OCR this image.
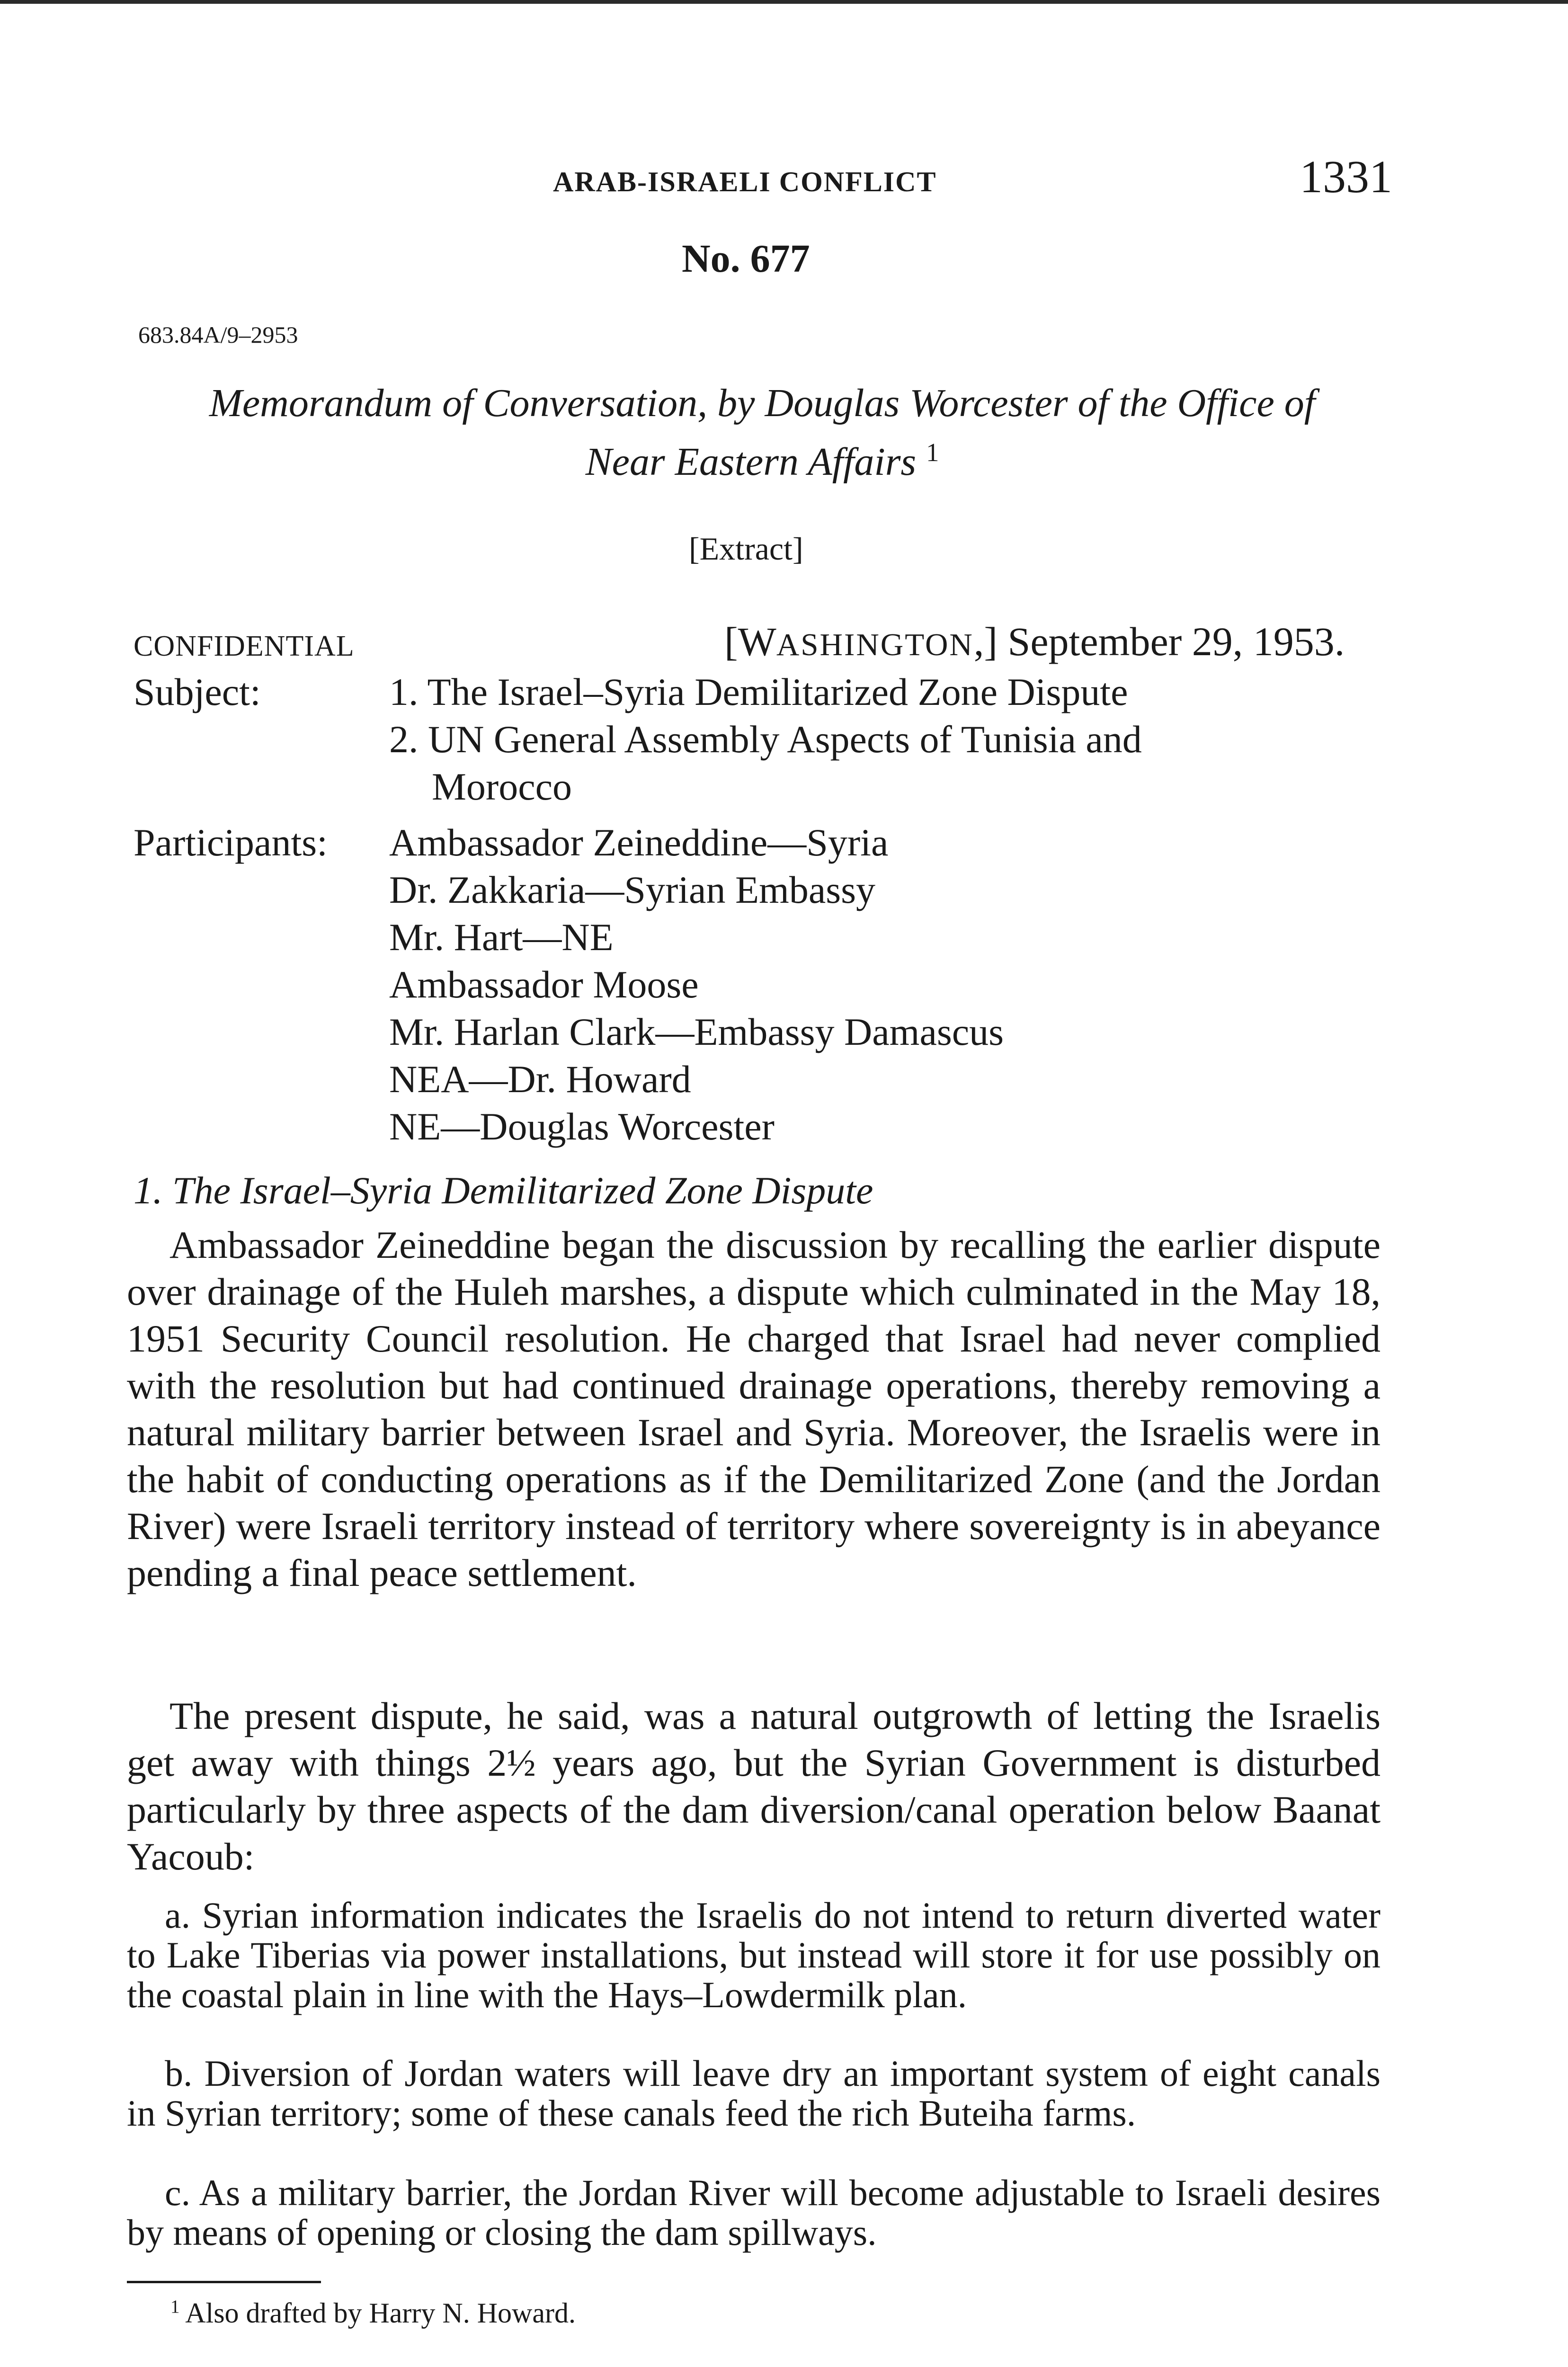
ARAB-ISRAELI CONFLICT	1331
No. 677
683.84A/9–2953
Memorandum of Conversation, by Douglas Worcester of the Office of
Near Eastern Affairs $^1$
[Extract]
CONFIDENTIAL	[WASHINGTON,] September 29, 1953.
Subject:	1. The Israel–Syria Demilitarized Zone Dispute
2. UN General Assembly Aspects of Tunisia and
Morocco
Participants: Ambassador Zeineddine—Syria
Dr. Zakkaria—Syrian Embassy
Mr. Hart—NE
Ambassador Moose
Mr. Harlan Clark—Embassy Damascus
NEA—Dr. Howard
NE—Douglas Worcester
1. The Israel–Syria Demilitarized Zone Dispute

Ambassador Zeineddine began the discussion by recalling the earlier dispute over drainage of the Huleh marshes, a dispute which culminated in the May 18, 1951 Security Council resolution. He charged that Israel had never complied with the resolution but had continued drainage operations, thereby removing a natural military barrier between Israel and Syria. Moreover, the Israelis were in the habit of conducting operations as if the Demilitarized Zone (and the Jordan River) were Israeli territory instead of territory where sovereignty is in abeyance pending a final peace settlement.

The present dispute, he said, was a natural outgrowth of letting the Israelis get away with things 2½ years ago, but the Syrian Government is disturbed particularly by three aspects of the dam diversion/canal operation below Baanat Yacoub:

a. Syrian information indicates the Israelis do not intend to return diverted water to Lake Tiberias via power installations, but instead will store it for use possibly on the coastal plain in line with the Hays–Lowdermilk plan.

b. Diversion of Jordan waters will leave dry an important system of eight canals in Syrian territory; some of these canals feed the rich Buteiha farms.

c. As a military barrier, the Jordan River will become adjustable to Israeli desires by means of opening or closing the dam spillways.

$^1$ Also drafted by Harry N. Howard.
